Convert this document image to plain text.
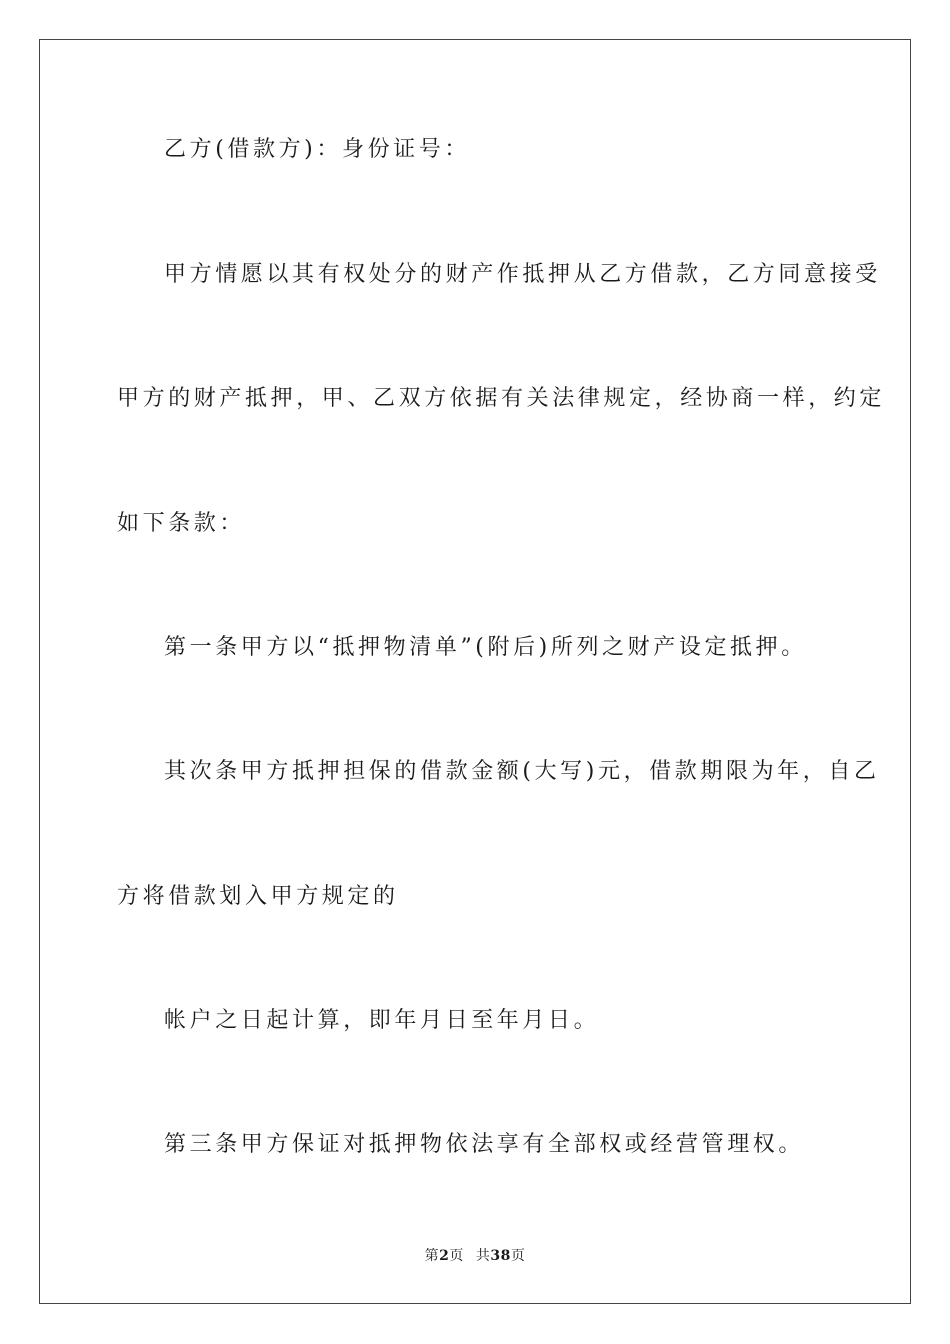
乙方(借款方)：身份证号：
甲方情愿以其有权处分的财产作抵押从乙方借款，乙方同意接受
甲方的财产抵押，甲、乙双方依据有关法律规定，经协商一样，约定
如下条款：
第一条甲方以“抵押物清单”(附后)所列之财产设定抵押。
其次条甲方抵押担保的借款金额(大写)元，借款期限为年，自乙
方将借款划入甲方规定的
帐户之日起计算，即年月日至年月日。
第三条甲方保证对抵押物依法享有全部权或经营管理权。
第2页 共38页
